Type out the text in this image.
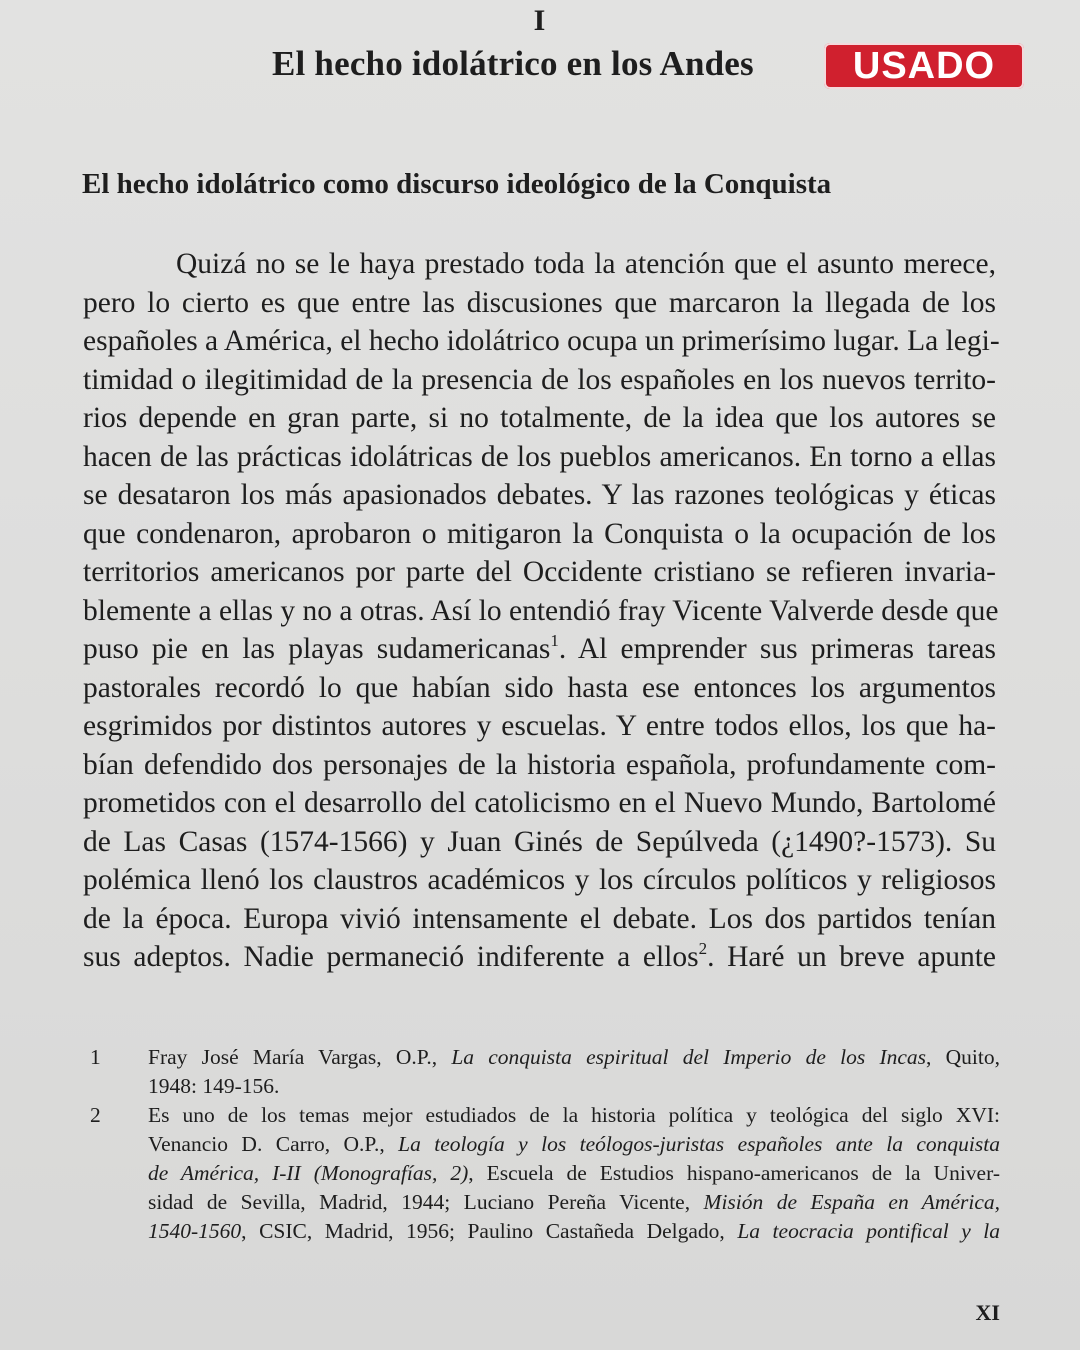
I
El hecho idolátrico en los Andes	USADO
El hecho idolátrico como discurso ideológico de la Conquista
Quizá no se le haya prestado toda la atención que el asunto merece,
pero lo cierto es que entre las discusiones que marcaron la llegada de los
españoles a América, el hecho idolátrico ocupa un primerísimo lugar. La legi-
timidad o ilegitimidad de la presencia de los españoles en los nuevos territo-
rios depende en gran parte, si no totalmente, de la idea que los autores se
hacen de las prácticas idolátricas de los pueblos americanos. En torno a ellas
se desataron los más apasionados debates. Y las razones teológicas y éticas
que condenaron, aprobaron o mitigaron la Conquista o la ocupación de los
territorios americanos por parte del Occidente cristiano se refieren invaria-
blemente a ellas y no a otras. Así lo entendió fray Vicente Valverde desde que
puso pie en las playas sudamericanas$^1$. Al emprender sus primeras tareas
pastorales recordó lo que habían sido hasta ese entonces los argumentos
esgrimidos por distintos autores y escuelas. Y entre todos ellos, los que ha-
bían defendido dos personajes de la historia española, profundamente com-
prometidos con el desarrollo del catolicismo en el Nuevo Mundo, Bartolomé
de Las Casas (1574-1566) y Juan Ginés de Sepúlveda (¿1490?-1573). Su
polémica llenó los claustros académicos y los círculos políticos y religiosos
de la época. Europa vivió intensamente el debate. Los dos partidos tenían
sus adeptos. Nadie permaneció indiferente a ellos$^2$. Haré un breve apunte
1 Fray José María Vargas, O.P., La conquista espiritual del Imperio de los Incas, Quito,
1948: 149-156.
2 Es uno de los temas mejor estudiados de la historia política y teológica del siglo XVI:
Venancio D. Carro, O.P., La teología y los teólogos-juristas españoles ante la conquista
de América, I-II (Monografías, 2), Escuela de Estudios hispano-americanos de la Univer-
sidad de Sevilla, Madrid, 1944; Luciano Pereña Vicente, Misión de España en América,
1540-1560, CSIC, Madrid, 1956; Paulino Castañeda Delgado, La teocracia pontifical y la
XI
